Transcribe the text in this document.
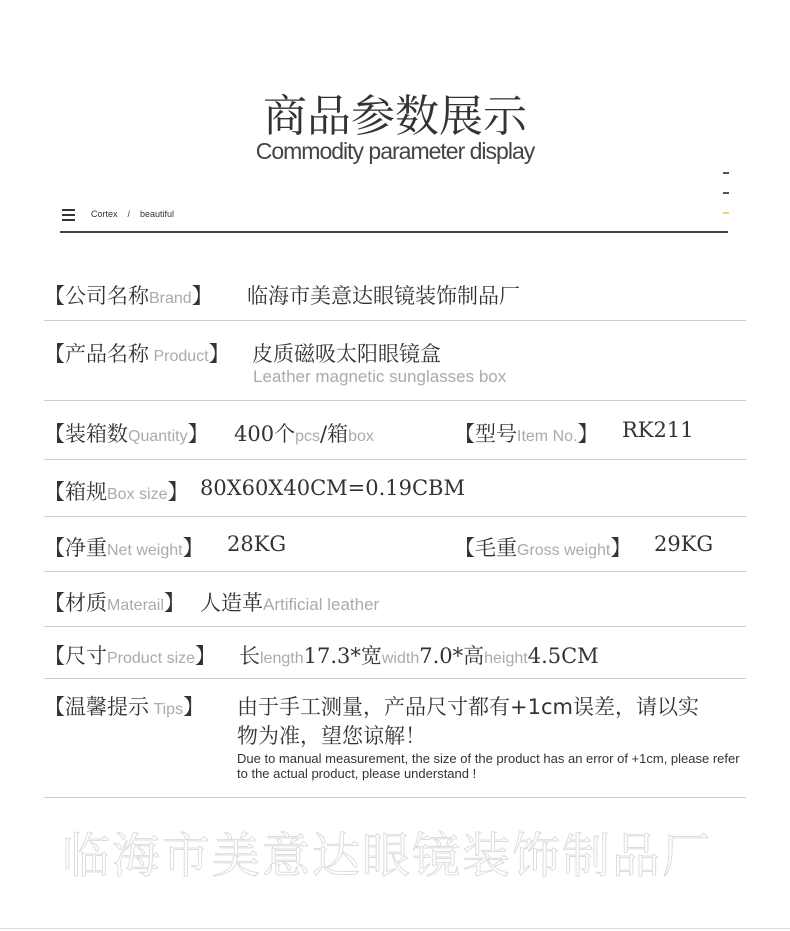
商品参数展示
Commodity parameter display
Cortex / beautiful
【公司名称Brand】 临海市美意达眼镜装饰制品厂
【产品名称 Product】 皮质磁吸太阳眼镜盒
Leather magnetic sunglasses box
【装箱数Quantity】 400个pcs/箱box	【型号Item No.】 RK211
【箱规Box size】 80X60X40CM=0.19CBM
【净重Net weight】 28KG	【毛重Gross weight】 29KG
【材质Materail】 人造革Artificial leather
【尺寸Product size】 长length17.3*宽width7.0*高height4.5CM
【温馨提示 Tips】 由于手工测量，产品尺寸都有+1cm误差，请以实
物为准，望您谅解！
Due to manual measurement, the size of the product has an error of +1cm, please refer to the actual product, please understand !
临海市美意达眼镜装饰制品厂
